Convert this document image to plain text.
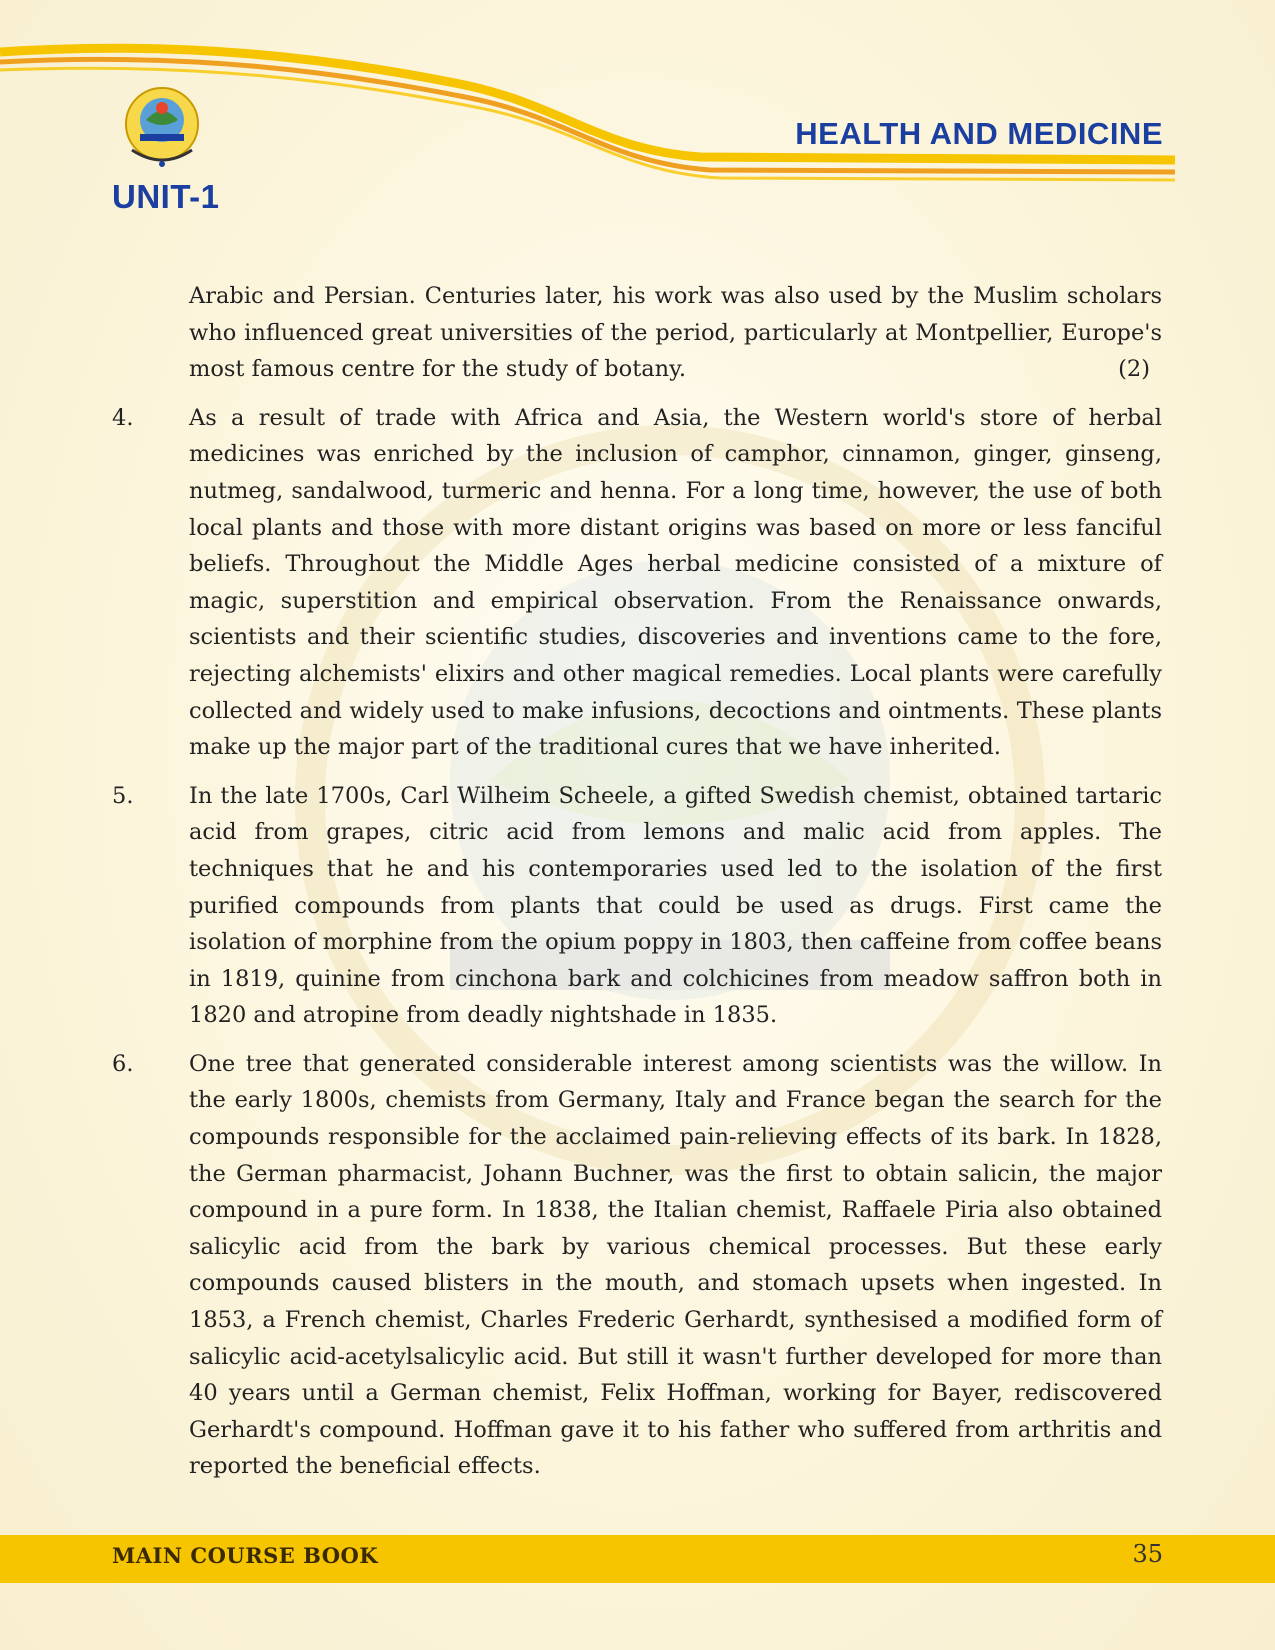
UNIT-1
HEALTH AND MEDICINE

Arabic and Persian. Centuries later, his work was also used by the Muslim scholars who influenced great universities of the period, particularly at Montpellier, Europe's most famous centre for the study of botany.	(2)

4.	As a result of trade with Africa and Asia, the Western world's store of herbal medicines was enriched by the inclusion of camphor, cinnamon, ginger, ginseng, nutmeg, sandalwood, turmeric and henna. For a long time, however, the use of both local plants and those with more distant origins was based on more or less fanciful beliefs. Throughout the Middle Ages herbal medicine consisted of a mixture of magic, superstition and empirical observation. From the Renaissance onwards, scientists and their scientific studies, discoveries and inventions came to the fore, rejecting alchemists' elixirs and other magical remedies. Local plants were carefully collected and widely used to make infusions, decoctions and ointments. These plants make up the major part of the traditional cures that we have inherited.

5.	In the late 1700s, Carl Wilheim Scheele, a gifted Swedish chemist, obtained tartaric acid from grapes, citric acid from lemons and malic acid from apples. The techniques that he and his contemporaries used led to the isolation of the first purified compounds from plants that could be used as drugs. First came the isolation of morphine from the opium poppy in 1803, then caffeine from coffee beans in 1819, quinine from cinchona bark and colchicines from meadow saffron both in 1820 and atropine from deadly nightshade in 1835.

6.	One tree that generated considerable interest among scientists was the willow. In the early 1800s, chemists from Germany, Italy and France began the search for the compounds responsible for the acclaimed pain-relieving effects of its bark. In 1828, the German pharmacist, Johann Buchner, was the first to obtain salicin, the major compound in a pure form. In 1838, the Italian chemist, Raffaele Piria also obtained salicylic acid from the bark by various chemical processes. But these early compounds caused blisters in the mouth, and stomach upsets when ingested. In 1853, a French chemist, Charles Frederic Gerhardt, synthesised a modified form of salicylic acid-acetylsalicylic acid. But still it wasn't further developed for more than 40 years until a German chemist, Felix Hoffman, working for Bayer, rediscovered Gerhardt's compound. Hoffman gave it to his father who suffered from arthritis and reported the beneficial effects.

MAIN COURSE BOOK	35
